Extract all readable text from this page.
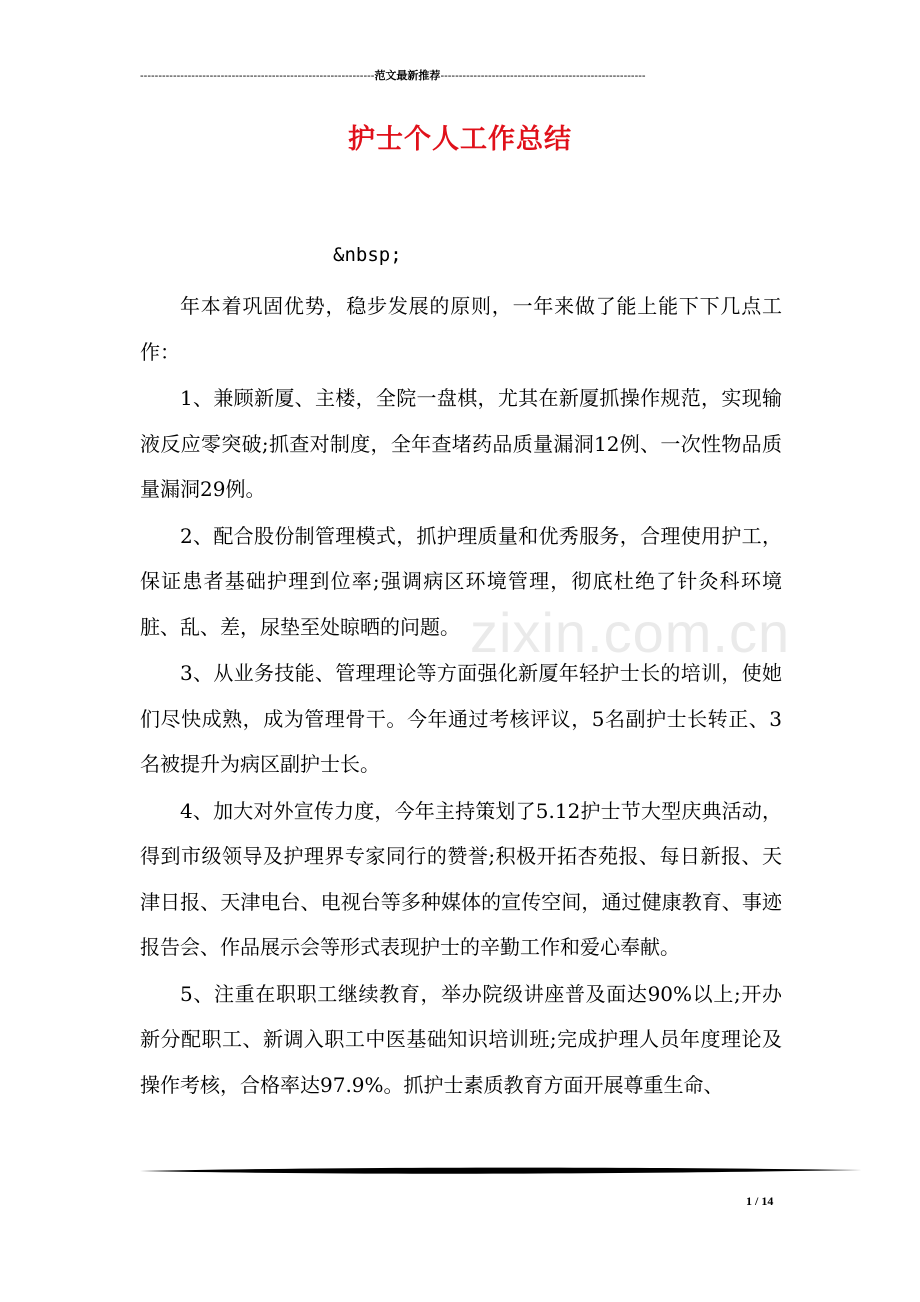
----------------------------------------------------------------范文最新推荐--------------------------------------------------------
护士个人工作总结
&nbsp;

年本着巩固优势，稳步发展的原则，一年来做了能上能下下几点工作：

1、兼顾新厦、主楼，全院一盘棋，尤其在新厦抓操作规范，实现输液反应零突破;抓查对制度，全年查堵药品质量漏洞12例、一次性物品质量漏洞29例。

2、配合股份制管理模式，抓护理质量和优秀服务，合理使用护工，保证患者基础护理到位率;强调病区环境管理，彻底杜绝了针灸科环境脏、乱、差，尿垫至处晾晒的问题。

3、从业务技能、管理理论等方面强化新厦年轻护士长的培训，使她们尽快成熟，成为管理骨干。今年通过考核评议，5名副护士长转正、3名被提升为病区副护士长。

4、加大对外宣传力度，今年主持策划了5.12护士节大型庆典活动，得到市级领导及护理界专家同行的赞誉;积极开拓杏苑报、每日新报、天津日报、天津电台、电视台等多种媒体的宣传空间，通过健康教育、事迹报告会、作品展示会等形式表现护士的辛勤工作和爱心奉献。

5、注重在职职工继续教育，举办院级讲座普及面达90%以上;开办新分配职工、新调入职工中医基础知识培训班;完成护理人员年度理论及操作考核，合格率达97.9%。抓护士素质教育方面开展尊重生命、

zixin.com.cn
1 / 14
